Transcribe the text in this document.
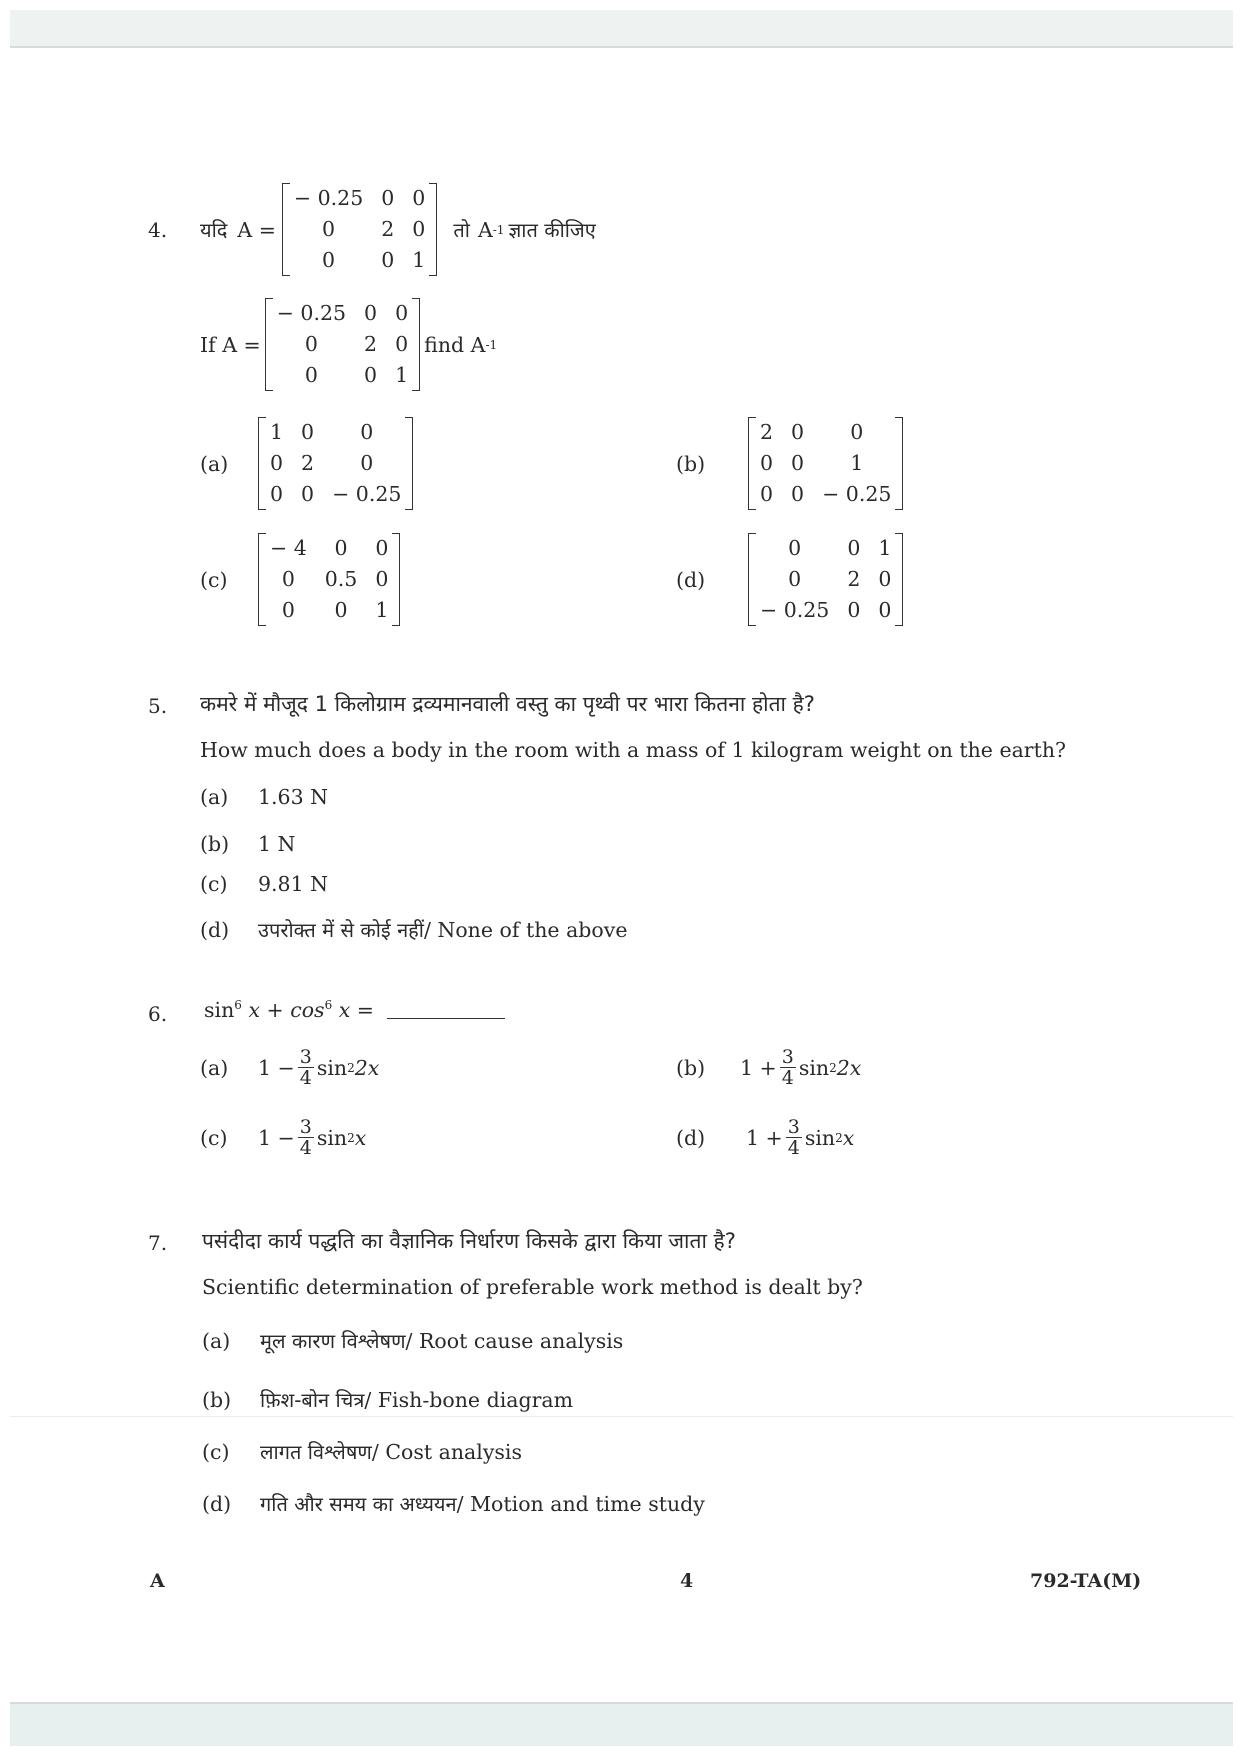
4. यदि A =
− 0.25 0 0
0	2 0
0	0 1
तो A -1 ज्ञात कीजिए
If A =
− 0.25 0 0
0	2 0
0	0 1
find A -1
(a)
1 0	0
0 2	0
0 0 − 0.25
(b)
2 0	0
0 0	1
0 0 − 0.25
(c)
− 4	0	0
0	0.5 0
0	0	1
(d)
0	0 1
0	2 0
− 0.25 0 0
5. कमरे में मौजूद 1 किलोग्राम द्रव्यमानवाली वस्तु का पृथ्वी पर भारा कितना होता है?
How much does a body in the room with a mass of 1 kilogram weight on the earth?
(a)	1.63 N
(b)	1 N
(c)	9.81 N
(d)	उपरोक्त में से कोई नहीं / None of the above
6. $\sin^6 x + \cos^6 x$ =
(a)	$1 - \frac{3}{4}$ sin 2 2x	(b)	$1 + \frac{3}{4}$ sin 2 2x
(c)	$1 - \frac{3}{4}$ sin 2 x	(d)	$1 + \frac{3}{4}$ sin 2 x
7. पसंदीदा कार्य पद्धति का वैज्ञानिक निर्धारण किसके द्वारा किया जाता है?
Scientific determination of preferable work method is dealt by?
(a)	मूल कारण विश्लेषण / Root cause analysis
(b)	फ़िश-बोन चित्र / Fish-bone diagram
(c)	लागत विश्लेषण / Cost analysis
(d)	गति और समय का अध्ययन / Motion and time study
A	4	792-TA(M)
